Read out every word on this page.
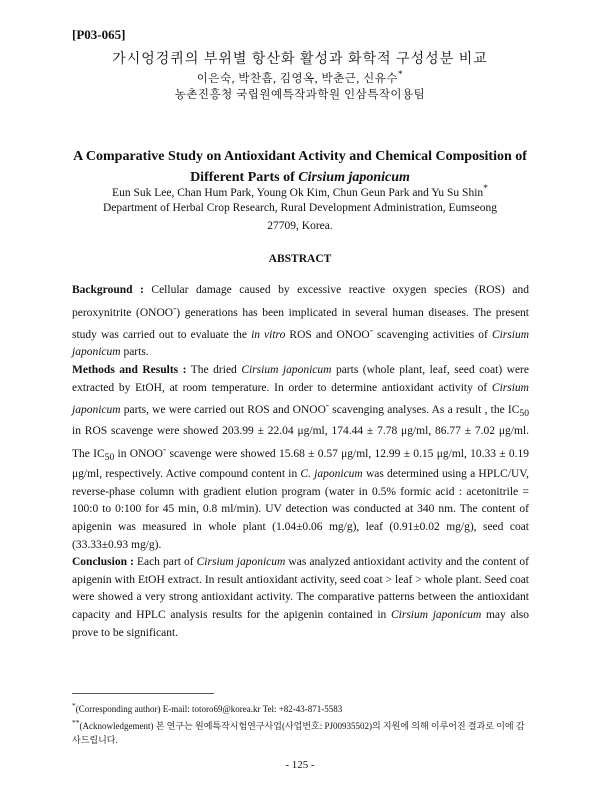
[P03-065]
가시엉겅퀴의 부위별 항산화 활성과 화학적 구성성분 비교
이은숙, 박찬흠, 김영옥, 박춘근, 신유수*
농촌진흥청 국립원예특작과학원 인삼특작이용팀
A Comparative Study on Antioxidant Activity and Chemical Composition of Different Parts of Cirsium japonicum
Eun Suk Lee, Chan Hum Park, Young Ok Kim, Chun Geun Park and Yu Su Shin*
Department of Herbal Crop Research, Rural Development Administration, Eumseong 27709, Korea.
ABSTRACT

Background : Cellular damage caused by excessive reactive oxygen species (ROS) and peroxynitrite (ONOO-) generations has been implicated in several human diseases. The present study was carried out to evaluate the in vitro ROS and ONOO- scavenging activities of Cirsium japonicum parts.

Methods and Results : The dried Cirsium japonicum parts (whole plant, leaf, seed coat) were extracted by EtOH, at room temperature. In order to determine antioxidant activity of Cirsium japonicum parts, we were carried out ROS and ONOO- scavenging analyses. As a result , the $IC_{50}$ in ROS scavenge were showed 203.99 ± 22.04 μg/ml, 174.44 ± 7.78 μg/ml, 86.77 ± 7.02 μg/ml. The $IC_{50}$ in ONOO- scavenge were showed 15.68 ± 0.57 μg/ml, 12.99 ± 0.15 μg/ml, 10.33 ± 0.19 μg/ml, respectively. Active compound content in C. japonicum was determined using a HPLC/UV, reverse-phase column with gradient elution program (water in 0.5% formic acid : acetonitrile = 100:0 to 0:100 for 45 min, 0.8 ml/min). UV detection was conducted at 340 nm. The content of apigenin was measured in whole plant (1.04±0.06 mg/g), leaf (0.91±0.02 mg/g), seed coat (33.33±0.93 mg/g).

Conclusion : Each part of Cirsium japonicum was analyzed antioxidant activity and the content of apigenin with EtOH extract. In result antioxidant activity, seed coat > leaf > whole plant. Seed coat were showed a very strong antioxidant activity. The comparative patterns between the antioxidant capacity and HPLC analysis results for the apigenin contained in Cirsium japonicum may also prove to be significant.

*(Corresponding author) E-mail: totoro69@korea.kr Tel: +82-43-871-5583

**(Acknowledgement) 본 연구는 원예특작시험연구사업(사업번호: PJ00935502)의 지원에 의해 이루어진 결과로 이에 감사드립니다.

- 125 -
